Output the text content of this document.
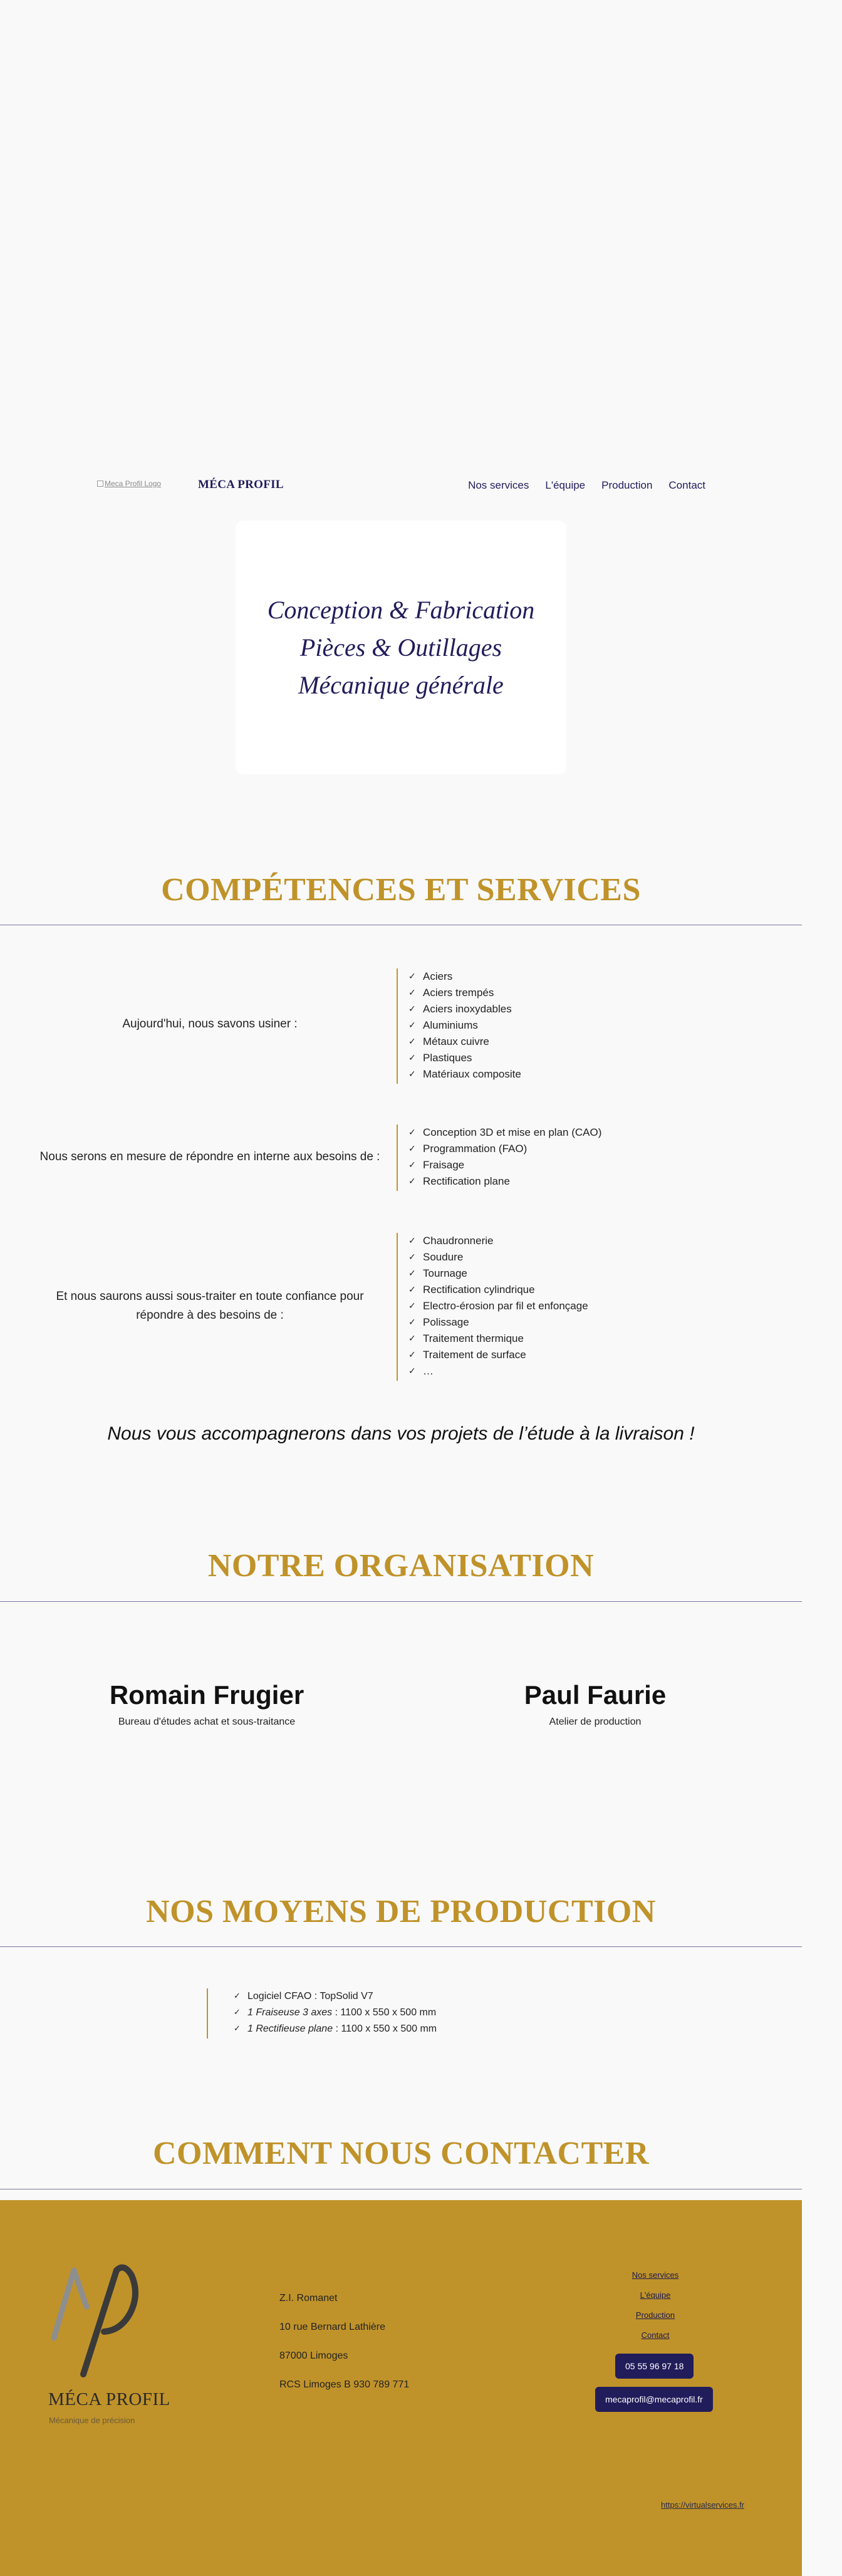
Meca Profil Logo	MÉCA PROFIL	Nos services L'équipe Production Contact
Conception & Fabrication
Pièces & Outillages
Mécanique générale
COMPÉTENCES ET SERVICES
Aujourd'hui, nous savons usiner :
✓ Aciers
✓ Aciers trempés
✓ Aciers inoxydables
✓ Aluminiums
✓ Métaux cuivre
✓ Plastiques
✓ Matériaux composite
Nous serons en mesure de répondre en interne aux besoins de :
✓ Conception 3D et mise en plan (CAO)
✓ Programmation (FAO)
✓ Fraisage
✓ Rectification plane
Et nous saurons aussi sous-traiter en toute confiance pour répondre à des besoins de :
✓ Chaudronnerie
✓ Soudure
✓ Tournage
✓ Rectification cylindrique
✓ Electro-érosion par fil et enfonçage
✓ Polissage
✓ Traitement thermique
✓ Traitement de surface
✓ …

Nous vous accompagnerons dans vos projets de l’étude à la livraison !

NOTRE ORGANISATION
Romain Frugier

Bureau d'études achat et sous-traitance

Paul Faurie

Atelier de production

NOS MOYENS DE PRODUCTION
✓ Logiciel CFAO : TopSolid V7
✓ 1 Fraiseuse 3 axes : 1100 x 550 x 500 mm
✓ 1 Rectifieuse plane : 1100 x 550 x 500 mm
COMMENT NOUS CONTACTER
MÉCA PROFIL
Mécanique de précision

Z.I. Romanet

10 rue Bernard Lathière

87000 Limoges

RCS Limoges B 930 789 771

Nos services
L'équipe
Production
Contact
05 55 96 97 18
mecaprofil@mecaprofil.fr
https://virtualservices.fr
